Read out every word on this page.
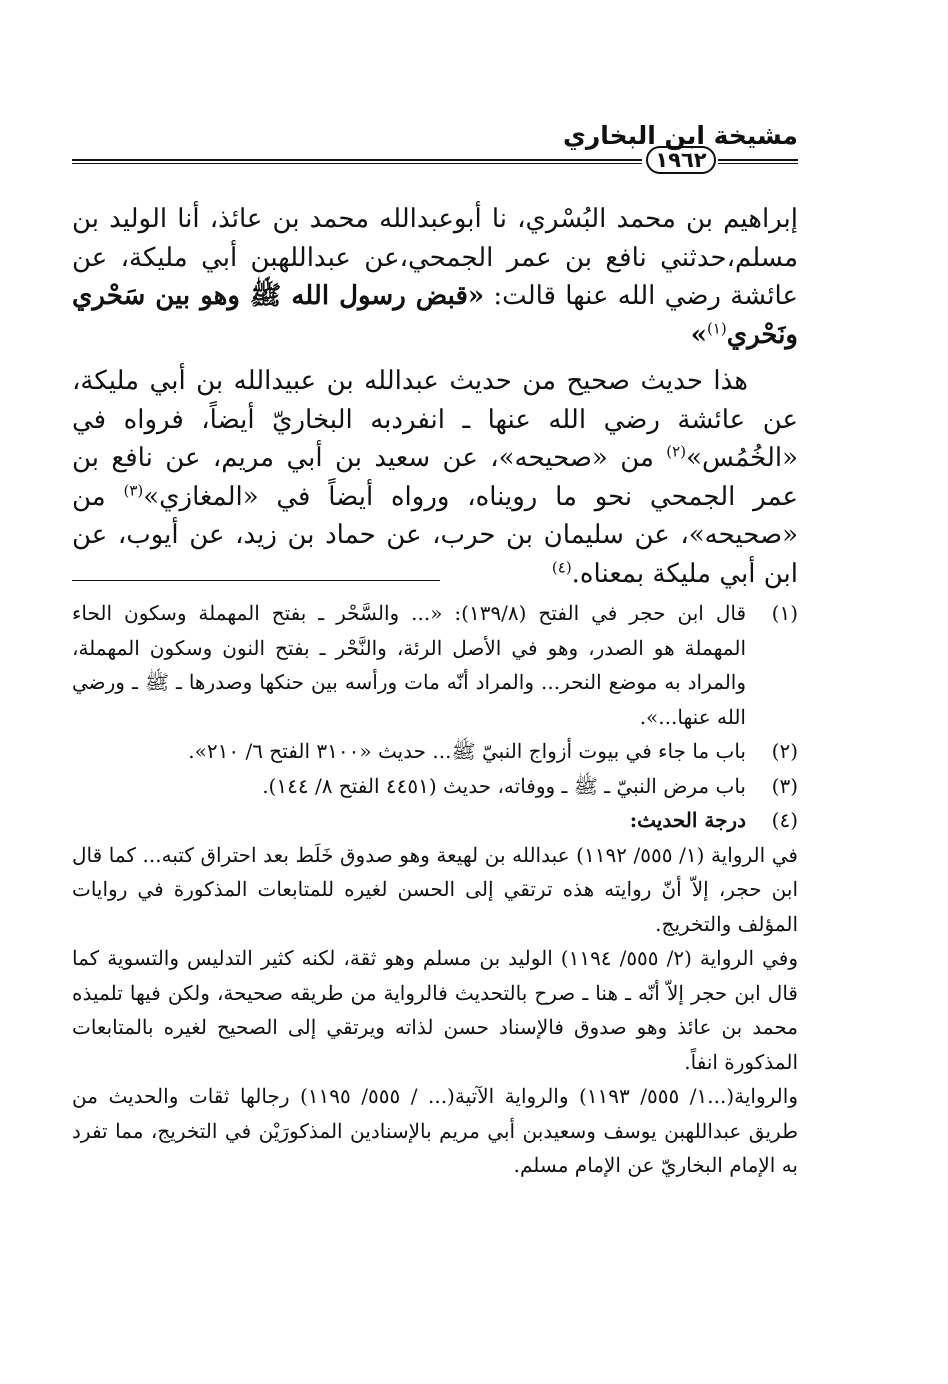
مشيخة ابن البخاري
١٩٦٢

إبراهيم بن محمد البُسْري، نا أبوعبدالله محمد بن عائذ، أنا الوليد بن مسلم،حدثني نافع بن عمر الجمحي،عن عبداللهبن أبي مليكة، عن عائشة رضي الله عنها قالت: «قبض رسول الله ﷺ وهو بين سَحْري ونَحْري$^{(١)}$»

هذا حديث صحيح من حديث عبدالله بن عبيدالله بن أبي مليكة، عن عائشة رضي الله عنها ـ انفردبه البخاريّ أيضاً، فرواه في «الخُمُس»$^{(٢)}$ من «صحيحه»، عن سعيد بن أبي مريم، عن نافع بن عمر الجمحي نحو ما رويناه، ورواه أيضاً في «المغازي»$^{(٣)}$ من «صحيحه»، عن سليمان بن حرب، عن حماد بن زيد، عن أيوب، عن ابن أبي مليكة بمعناه.$^{(٤)}$

(١)
قال ابن حجر في الفتح (١٣٩/٨): «... والسَّحْر ـ بفتح المهملة وسكون الحاء المهملة هو الصدر، وهو في الأصل الرئة، والنَّحْر ـ بفتح النون وسكون المهملة، والمراد به موضع النحر... والمراد أنّه مات ورأسه بين حنكها وصدرها ـ ﷺ ـ ورضي الله عنها...».

(٢)
باب ما جاء في بيوت أزواج النبيّ ﷺ... حديث «٣١٠٠ الفتح ٦/ ٢١٠».

(٣)
باب مرض النبيّ ـ ﷺ ـ ووفاته، حديث (٤٤٥١ الفتح ٨/ ١٤٤).

(٤)
درجة الحديث:

في الرواية (١/ ٥٥٥/ ١١٩٢) عبدالله بن لهيعة وهو صدوق خَلَط بعد احتراق كتبه... كما قال ابن حجر، إلاّ أنّ روايته هذه ترتقي إلى الحسن لغيره للمتابعات المذكورة في روايات المؤلف والتخريج.

وفي الرواية (٢/ ٥٥٥/ ١١٩٤) الوليد بن مسلم وهو ثقة، لكنه كثير التدليس والتسوية كما قال ابن حجر إلاّ أنّه ـ هنا ـ صرح بالتحديث فالرواية من طريقه صحيحة، ولكن فيها تلميذه محمد بن عائذ وهو صدوق فالإسناد حسن لذاته ويرتقي إلى الصحيح لغيره بالمتابعات المذكورة انفاً.

والرواية(...١/ ٥٥٥/ ١١٩٣) والرواية الآتية(... / ٥٥٥/ ١١٩٥) رجالها ثقات والحديث من طريق عبداللهبن يوسف وسعيدبن أبي مريم بالإسنادين المذكورَيْن في التخريج، مما تفرد به الإمام البخاريّ عن الإمام مسلم.
